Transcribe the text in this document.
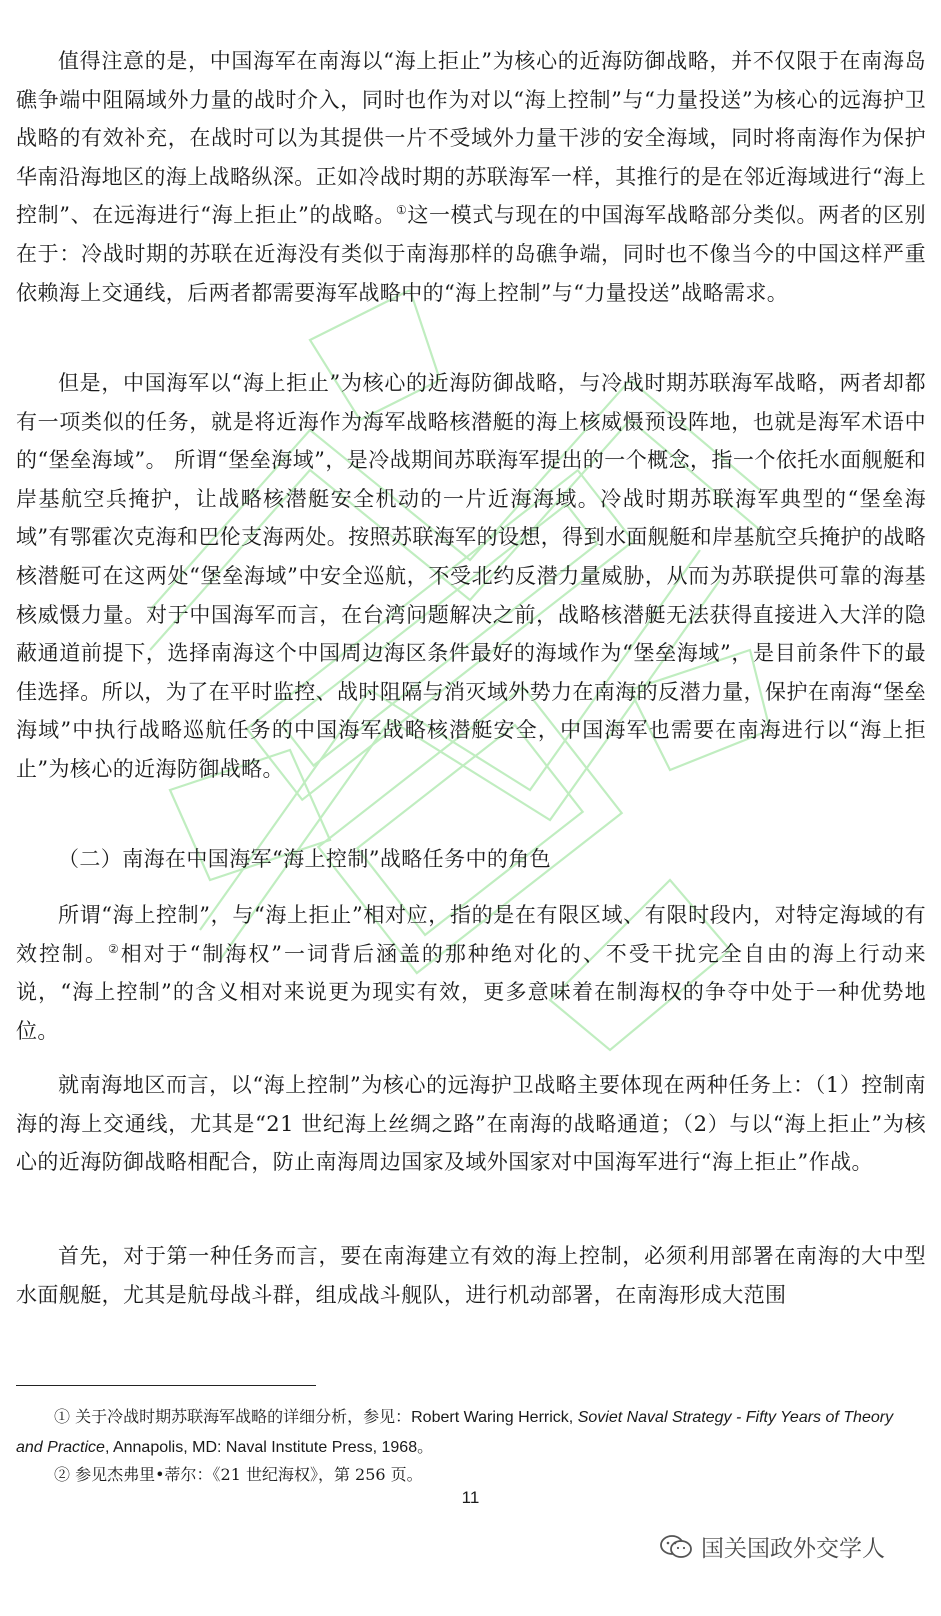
值得注意的是，中国海军在南海以“海上拒止”为核心的近海防御战略，并不仅限于在南海岛礁争端中阻隔域外力量的战时介入，同时也作为对以“海上控制”与“力量投送”为核心的远海护卫战略的有效补充，在战时可以为其提供一片不受域外力量干涉的安全海域，同时将南海作为保护华南沿海地区的海上战略纵深。正如冷战时期的苏联海军一样，其推行的是在邻近海域进行“海上控制”、在远海进行“海上拒止”的战略。①这一模式与现在的中国海军战略部分类似。两者的区别在于：冷战时期的苏联在近海没有类似于南海那样的岛礁争端，同时也不像当今的中国这样严重依赖海上交通线，后两者都需要海军战略中的“海上控制”与“力量投送”战略需求。

但是，中国海军以“海上拒止”为核心的近海防御战略，与冷战时期苏联海军战略，两者却都有一项类似的任务，就是将近海作为海军战略核潜艇的海上核威慑预设阵地，也就是海军术语中的“堡垒海域”。 所谓“堡垒海域”，是冷战期间苏联海军提出的一个概念，指一个依托水面舰艇和岸基航空兵掩护，让战略核潜艇安全机动的一片近海海域。冷战时期苏联海军典型的“堡垒海域”有鄂霍次克海和巴伦支海两处。按照苏联海军的设想，得到水面舰艇和岸基航空兵掩护的战略核潜艇可在这两处“堡垒海域”中安全巡航，不受北约反潜力量威胁，从而为苏联提供可靠的海基核威慑力量。对于中国海军而言，在台湾问题解决之前，战略核潜艇无法获得直接进入大洋的隐蔽通道前提下，选择南海这个中国周边海区条件最好的海域作为“堡垒海域”，是目前条件下的最佳选择。所以，为了在平时监控、战时阻隔与消灭域外势力在南海的反潜力量，保护在南海“堡垒海域”中执行战略巡航任务的中国海军战略核潜艇安全，中国海军也需要在南海进行以“海上拒止”为核心的近海防御战略。

（二）南海在中国海军“海上控制”战略任务中的角色

所谓“海上控制”，与“海上拒止”相对应，指的是在有限区域、有限时段内，对特定海域的有效控制。②相对于“制海权”一词背后涵盖的那种绝对化的、不受干扰完全自由的海上行动来说，“海上控制”的含义相对来说更为现实有效，更多意味着在制海权的争夺中处于一种优势地位。

就南海地区而言，以“海上控制”为核心的远海护卫战略主要体现在两种任务上：（1）控制南海的海上交通线，尤其是“21 世纪海上丝绸之路”在南海的战略通道；（2）与以“海上拒止”为核心的近海防御战略相配合，防止南海周边国家及域外国家对中国海军进行“海上拒止”作战。

首先，对于第一种任务而言，要在南海建立有效的海上控制，必须利用部署在南海的大中型水面舰艇，尤其是航母战斗群，组成战斗舰队，进行机动部署，在南海形成大范围

① 关于冷战时期苏联海军战略的详细分析，参见：Robert Waring Herrick, Soviet Naval Strategy - Fifty Years of Theory and Practice, Annapolis, MD: Naval Institute Press, 1968。
② 参见杰弗里•蒂尔：《21 世纪海权》，第 256 页。
11
国关国政外交学人
